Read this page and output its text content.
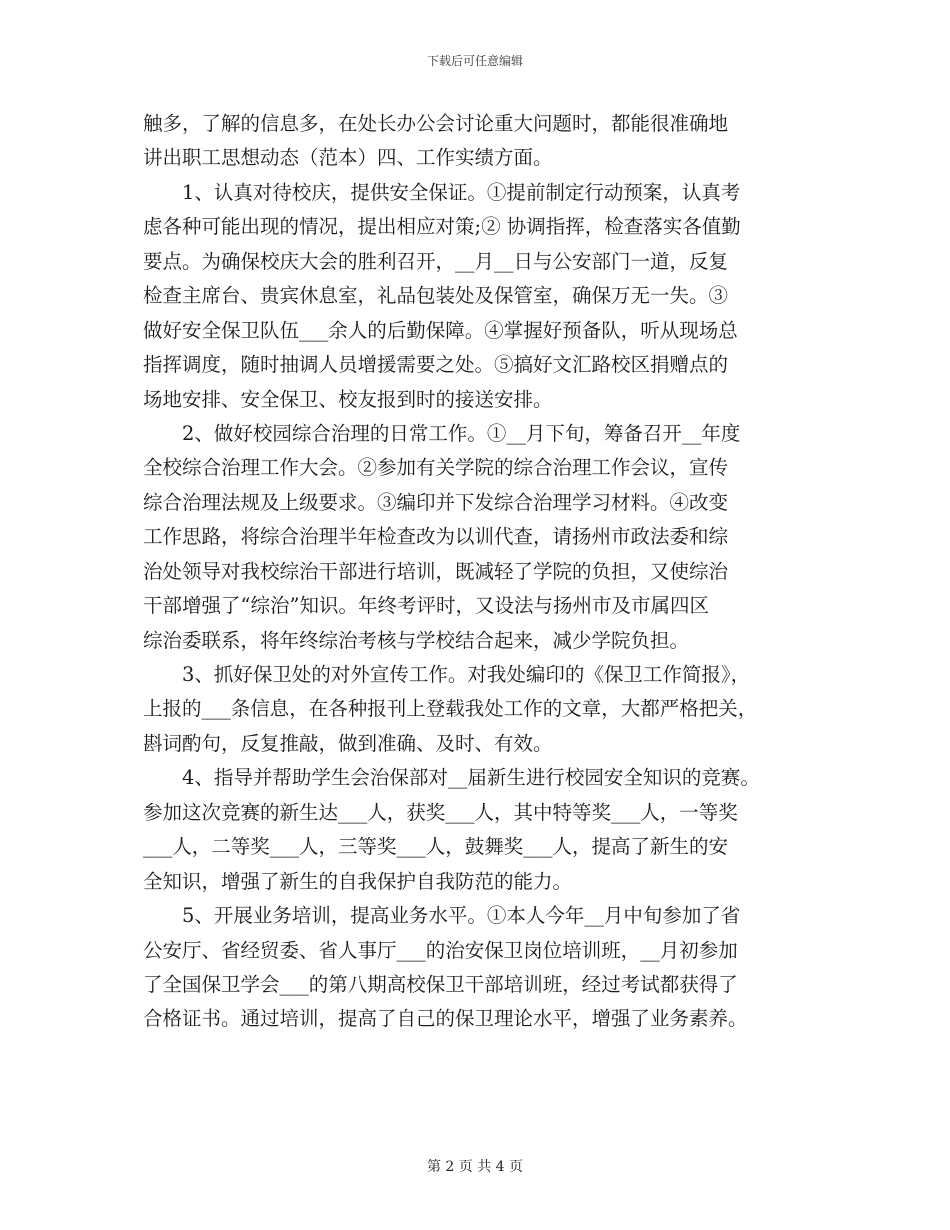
下载后可任意编辑
触多，了解的信息多，在处长办公会讨论重大问题时，都能很准确地
讲出职工思想动态（范本）四、工作实绩方面。
　　1、认真对待校庆，提供安全保证。①提前制定行动预案，认真考
虑各种可能出现的情况，提出相应对策;② 协调指挥，检查落实各值勤
要点。为确保校庆大会的胜利召开，__月__日与公安部门一道，反复
检查主席台、贵宾休息室，礼品包装处及保管室，确保万无一失。③
做好安全保卫队伍___余人的后勤保障。④掌握好预备队，听从现场总
指挥调度，随时抽调人员增援需要之处。⑤搞好文汇路校区捐赠点的
场地安排、安全保卫、校友报到时的接送安排。
　　2、做好校园综合治理的日常工作。①__月下旬，筹备召开__年度
全校综合治理工作大会。②参加有关学院的综合治理工作会议，宣传
综合治理法规及上级要求。③编印并下发综合治理学习材料。④改变
工作思路，将综合治理半年检查改为以训代查，请扬州市政法委和综
治处领导对我校综治干部进行培训，既减轻了学院的负担，又使综治
干部增强了“综治”知识。年终考评时，又设法与扬州市及市属四区
综治委联系，将年终综治考核与学校结合起来，减少学院负担。
　　3、抓好保卫处的对外宣传工作。对我处编印的《保卫工作简报》，
上报的___条信息，在各种报刊上登载我处工作的文章，大都严格把关，
斟词酌句，反复推敲，做到准确、及时、有效。
　　4、指导并帮助学生会治保部对__届新生进行校园安全知识的竞赛。
参加这次竞赛的新生达___人，获奖___人，其中特等奖___人，一等奖
___人，二等奖___人，三等奖___人，鼓舞奖___人，提高了新生的安
全知识，增强了新生的自我保护自我防范的能力。
　　5、开展业务培训，提高业务水平。①本人今年__月中旬参加了省
公安厅、省经贸委、省人事厅___的治安保卫岗位培训班，__月初参加
了全国保卫学会___的第八期高校保卫干部培训班，经过考试都获得了
合格证书。通过培训，提高了自己的保卫理论水平，增强了业务素养。
第 2 页 共 4 页
